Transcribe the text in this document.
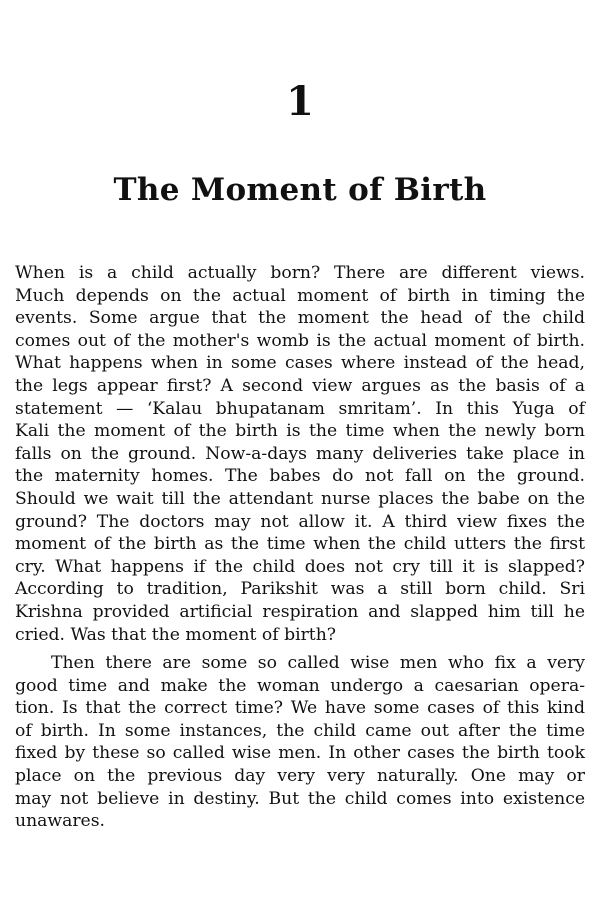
1
The Moment of Birth
When is a child actually born? There are different views.
Much depends on the actual moment of birth in timing the
events. Some argue that the moment the head of the child
comes out of the mother's womb is the actual moment of birth.
What happens when in some cases where instead of the head,
the legs appear first? A second view argues as the basis of a
statement — ‘Kalau bhupatanam smritam’. In this Yuga of
Kali the moment of the birth is the time when the newly born
falls on the ground. Now-a-days many deliveries take place in
the maternity homes. The babes do not fall on the ground.
Should we wait till the attendant nurse places the babe on the
ground? The doctors may not allow it. A third view fixes the
moment of the birth as the time when the child utters the first
cry. What happens if the child does not cry till it is slapped?
According to tradition, Parikshit was a still born child. Sri
Krishna provided artificial respiration and slapped him till he
cried. Was that the moment of birth?
Then there are some so called wise men who fix a very
good time and make the woman undergo a caesarian opera-
tion. Is that the correct time? We have some cases of this kind
of birth. In some instances, the child came out after the time
fixed by these so called wise men. In other cases the birth took
place on the previous day very very naturally. One may or
may not believe in destiny. But the child comes into existence
unawares.
